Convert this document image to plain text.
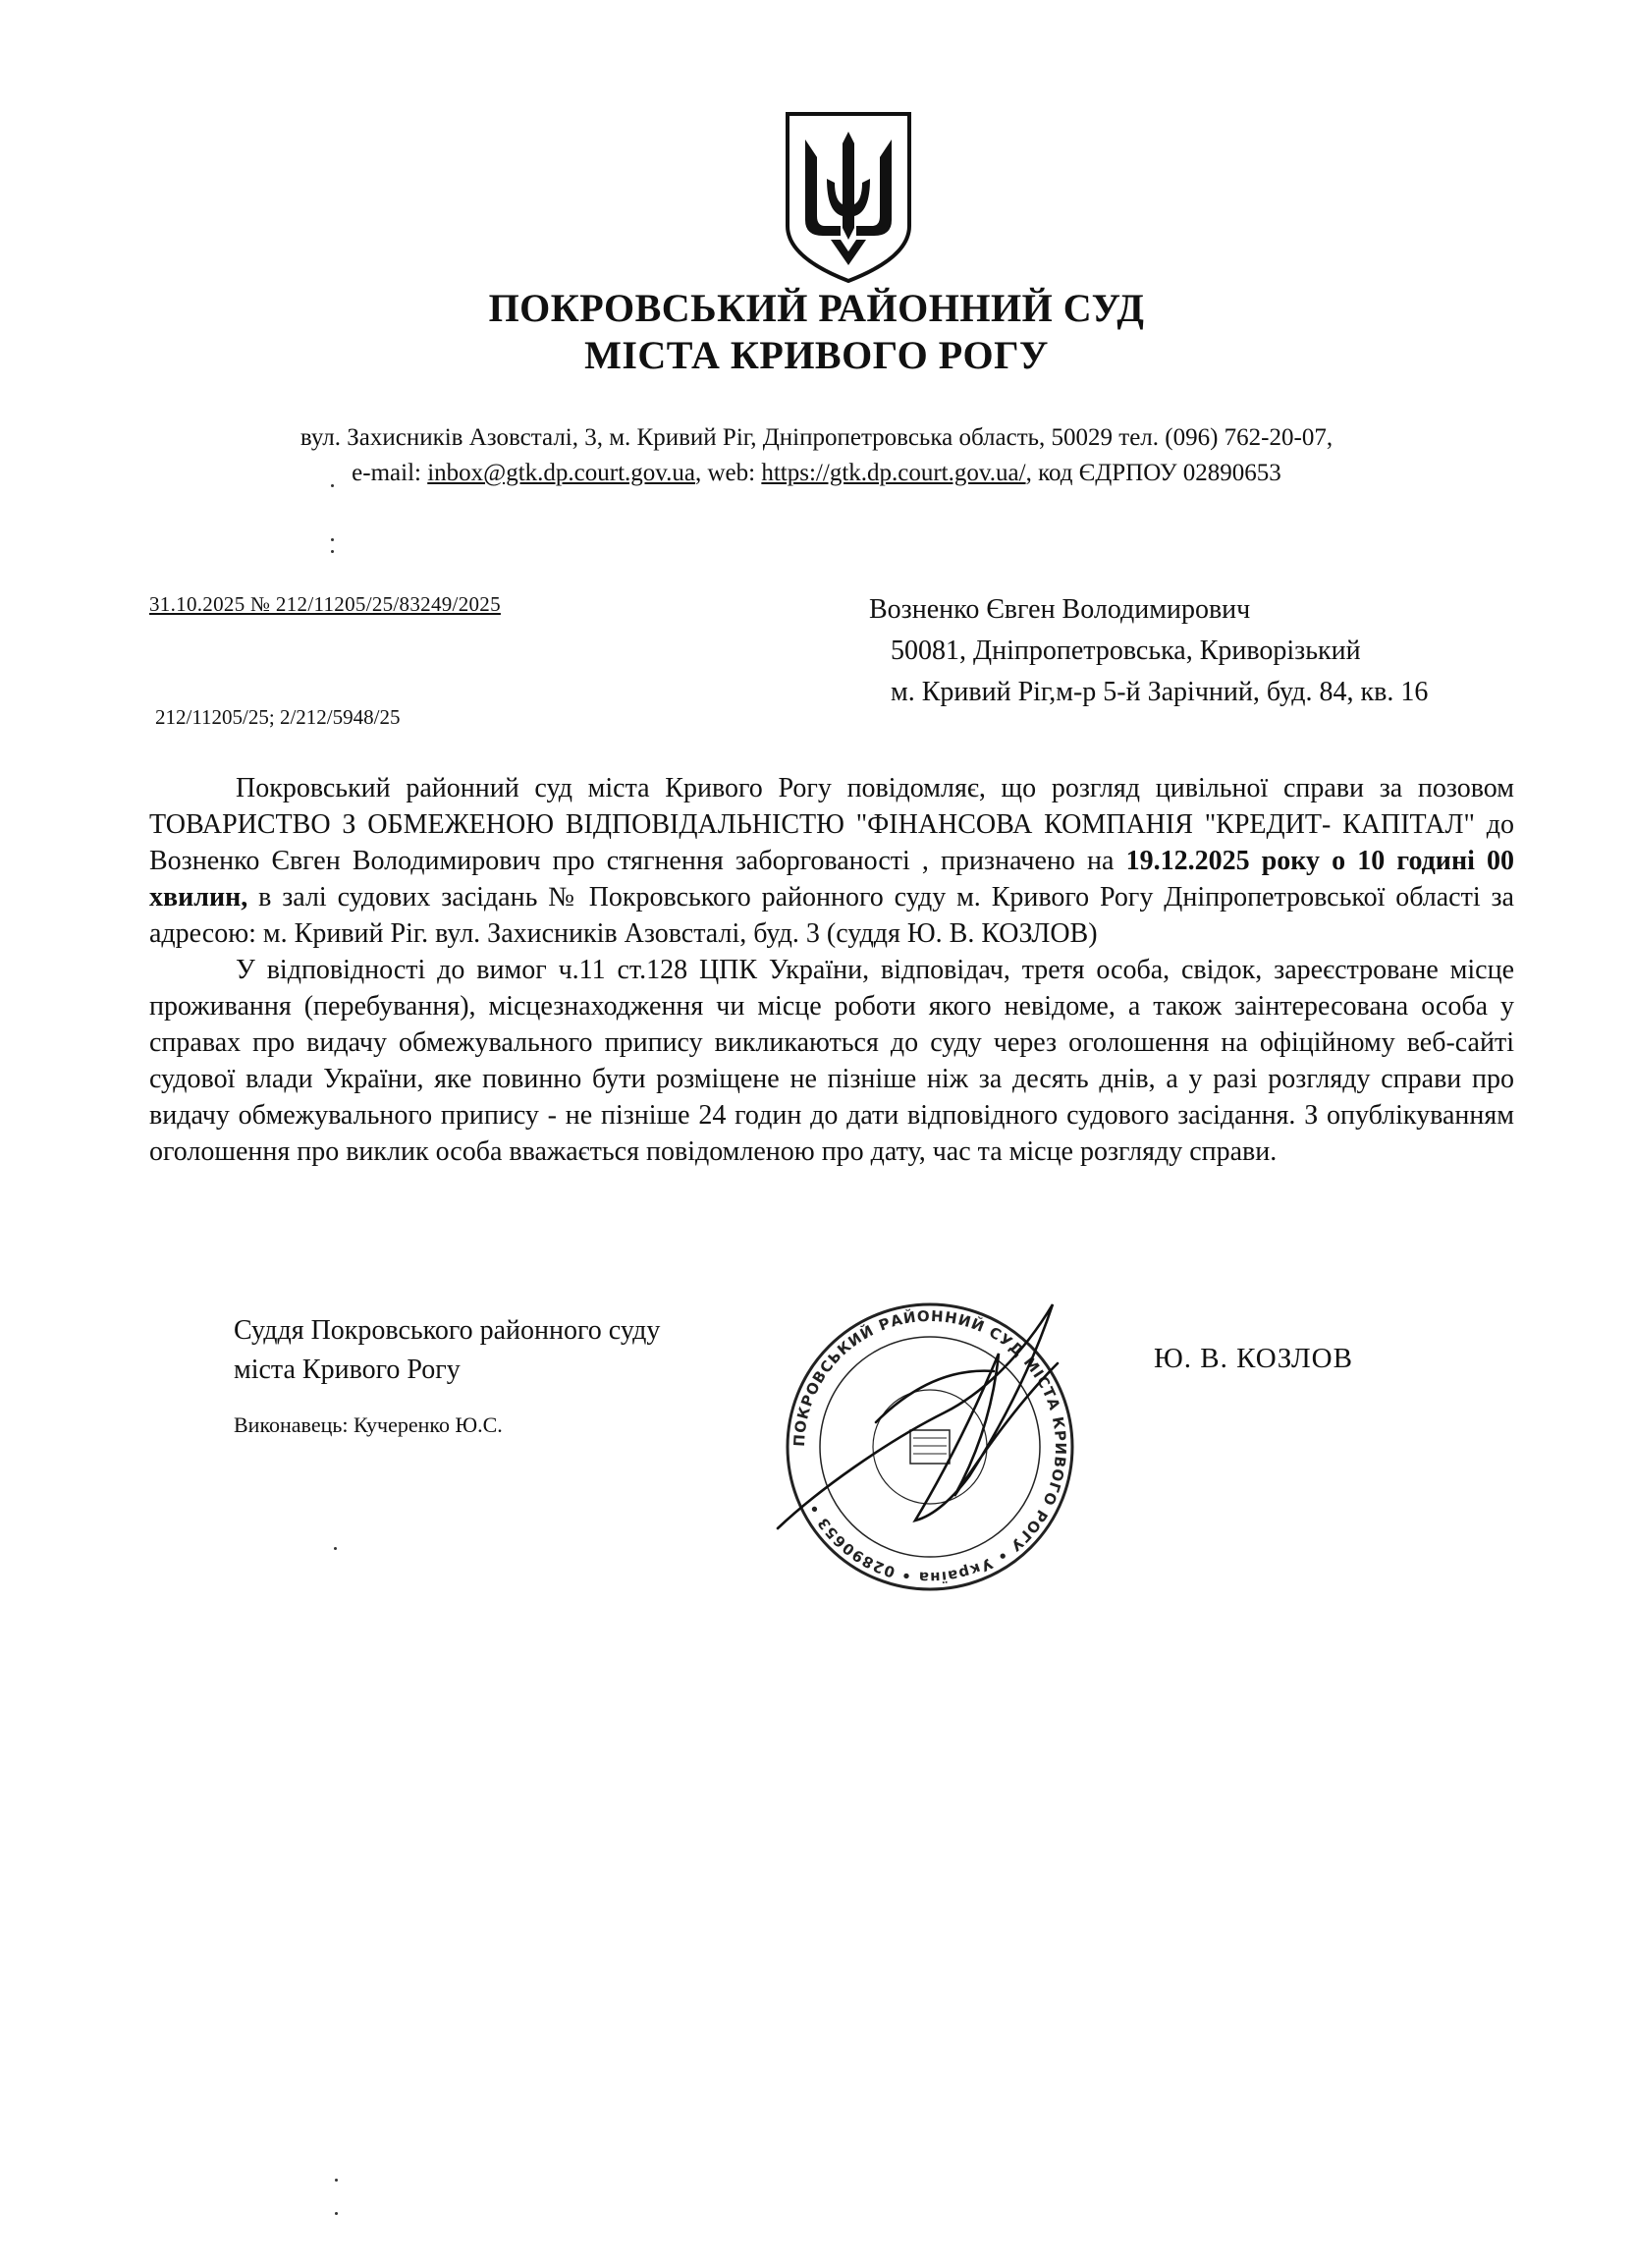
ПОКРОВСЬКИЙ РАЙОННИЙ СУД
МІСТА КРИВОГО РОГУ
вул. Захисників Азовсталі, 3, м. Кривий Ріг, Дніпропетровська область, 50029 тел. (096) 762-20-07,
e-mail: inbox@gtk.dp.court.gov.ua, web: https://gtk.dp.court.gov.ua/, код ЄДРПОУ 02890653
31.10.2025 № 212/11205/25/83249/2025	Возненко Євген Володимирович
50081, Дніпропетровська, Криворізький
м. Кривий Ріг,м-р 5-й Зарічний, буд. 84, кв. 16
212/11205/25; 2/212/5948/25

Покровський районний суд міста Кривого Рогу повідомляє, що розгляд цивільної справи за позовом ТОВАРИСТВО З ОБМЕЖЕНОЮ ВІДПОВІДАЛЬНІСТЮ "ФІНАНСОВА КОМПАНІЯ "КРЕДИТ- КАПІТАЛ" до Возненко Євген Володимирович про стягнення заборгованості , призначено на 19.12.2025 року о 10 годині 00 хвилин, в залі судових засідань № Покровського районного суду м. Кривого Рогу Дніпропетровської області за адресою: м. Кривий Ріг. вул. Захисників Азовсталі, буд. 3 (суддя Ю. В. КОЗЛОВ)

У відповідності до вимог ч.11 ст.128 ЦПК України, відповідач, третя особа, свідок, зареєстроване місце проживання (перебування), місцезнаходження чи місце роботи якого невідоме, а також заінтересована особа у справах про видачу обмежувального припису викликаються до суду через оголошення на офіційному веб-сайті судової влади України, яке повинно бути розміщене не пізніше ніж за десять днів, а у разі розгляду справи про видачу обмежувального припису - не пізніше 24 годин до дати відповідного судового засідання. З опублікуванням оголошення про виклик особа вважається повідомленою про дату, час та місце розгляду справи.

Суддя Покровського районного суду
міста Кривого Рогу
Виконавець: Кучеренко Ю.С.
ПОКРОВСЬКИЙ РАЙОННИЙ СУД МІСТА КРИВОГО РОГУ • Україна • 02890653 •
Ю. В. КОЗЛОВ
